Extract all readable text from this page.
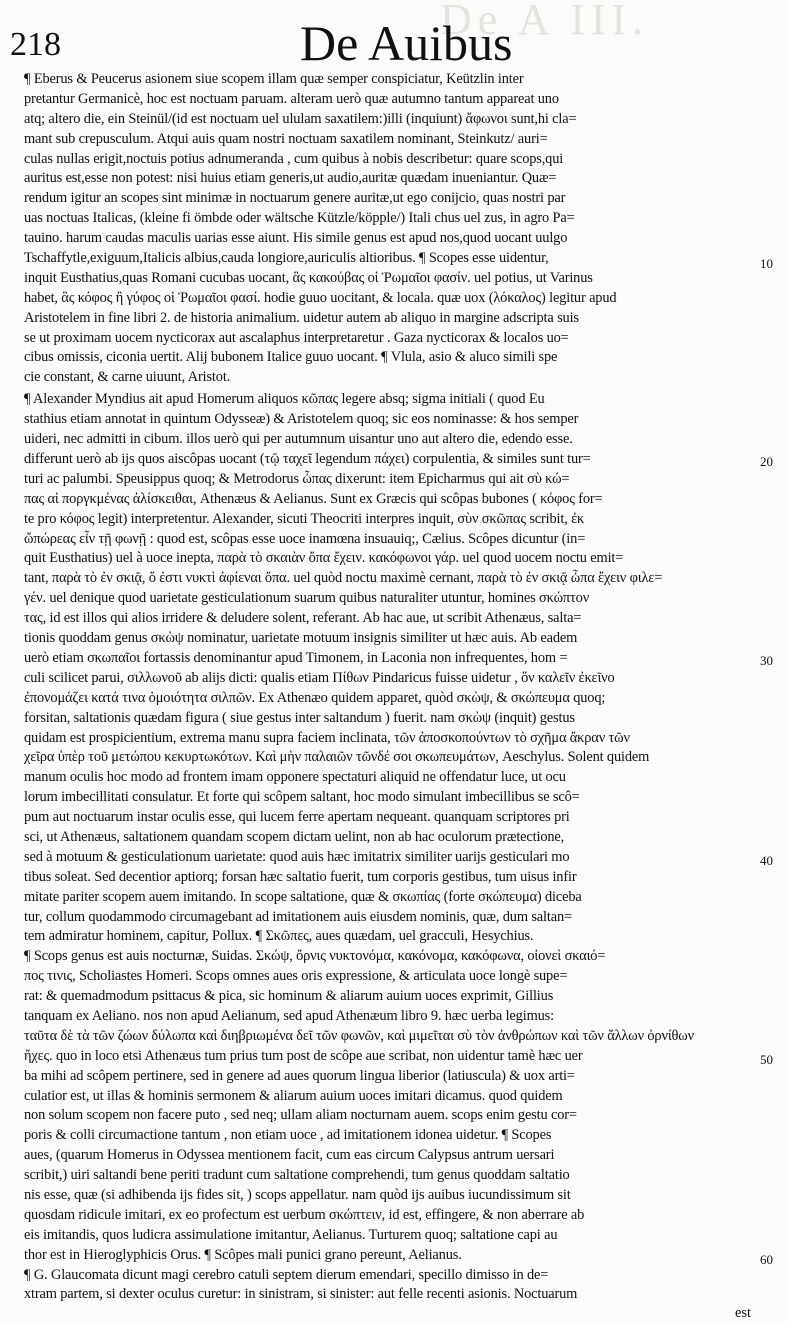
De A III.
218	De Auibus
¶ Eberus & Peucerus asionem siue scopem illam quæ semper conspiciatur, Keützlin inter
pretantur Germanicè, hoc est noctuam paruam. alteram uerò quæ autumno tantum appareat uno
atq; altero die, ein Steinül/(id est noctuam uel ululam saxatilem:)illi (inquiunt) ἄφωνοι sunt,hi cla=
mant sub crepusculum. Atqui auis quam nostri noctuam saxatilem nominant, Steinkutz/ auri=
culas nullas erigit,noctuis potius adnumeranda , cum quibus à nobis describetur: quare scops,qui
auritus est,esse non potest: nisi huius etiam generis,ut audio,auritæ quædam inueniantur. Quæ=
rendum igitur an scopes sint minimæ in noctuarum genere auritæ,ut ego conijcio, quas nostri par
uas noctuas Italicas, (kleine fi ömbde oder wältsche Kützle/köpple/) Itali chus uel zus, in agro Pa=
tauino. harum caudas maculis uarias esse aiunt. His simile genus est apud nos,quod uocant uulgo
Tschaffytle,exiguum,Italicis albius,cauda longiore,auriculis altioribus. ¶ Scopes esse uidentur,
inquit Eusthatius,quas Romani cucubas uocant, ἃς κακούβας οἱ Ῥωμαῖοι φασίν. uel potius, ut Varinus
habet, ἃς κόφος ἢ γύφος οἱ Ῥωμαῖοι φασί. hodie guuo uocitant, & locala. quæ uox (λόκαλος) legitur apud
Aristotelem in fine libri 2. de historia animalium. uidetur autem ab aliquo in margine adscripta suis
se ut proximam uocem nycticorax aut ascalaphus interpretaretur . Gaza nycticorax & localos uo=
cibus omissis, ciconia uertit. Alij bubonem Italice guuo uocant. ¶ Vlula, asio & aluco simili spe
cie constant, & carne uiuunt, Aristot.
¶ Alexander Myndius ait apud Homerum aliquos κῶπας legere absq; sigma initiali ( quod Eu
stathius etiam annotat in quintum Odysseæ) & Aristotelem quoq; sic eos nominasse: & hos semper
uideri, nec admitti in cibum. illos uerò qui per autumnum uisantur uno aut altero die, edendo esse.
differunt uerò ab ijs quos aiscôpas uocant (τῷ ταχεῖ legendum πάχει) corpulentia, & similes sunt tur=
turi ac palumbi. Speusippus quoq; & Metrodorus ὦπας dixerunt: item Epicharmus qui ait σὺ κώ=
πας αἰ ποργκμένας ἀλίσκειθαι, Athenæus & Aelianus. Sunt ex Græcis qui scôpas bubones ( κόφος for=
te pro κόφος legit) interpretentur. Alexander, sicuti Theocriti interpres inquit, σὺν σκῶπας scribit, ἐκ
ὤπώρεας εἶν τῇ φωνῇ : quod est, scôpas esse uoce inamœna insuauiq;, Cælius. Scôpes dicuntur (in=
quit Eusthatius) uel à uoce inepta, παρὰ τὸ σκαιὰν ὄπα ἔχειν. κακόφωνοι γάρ. uel quod uocem noctu emit=
tant, παρὰ τὸ ἐν σκιᾷ, ὅ ἐστι νυκτὶ ἀφίεναι ὄπα. uel quòd noctu maximè cernant, παρὰ τὸ ἐν σκιᾷ ὦπα ἔχειν φιλε=
γέν. uel denique quod uarietate gesticulationum suarum quibus naturaliter utuntur, homines σκώπτον
τας, id est illos qui alios irridere & deludere solent, referant. Ab hac aue, ut scribit Athenæus, salta=
tionis quoddam genus σκὼψ nominatur, uarietate motuum insignis similiter ut hæc auis. Ab eadem
uerò etiam σκωπαῖοι fortassis denominantur apud Timonem, in Laconia non infrequentes, hom =
culi scilicet parui, σιλλωνοῦ ab alijs dicti: qualis etiam Πίθων Pindaricus fuisse uidetur , ὅν καλεῖν ἐκεῖνο
ἐπονομάζει κατά τινα ὁμοιότητα σιλπῶν. Ex Athenæo quidem apparet, quòd σκὼψ, & σκώπευμα quoq;
forsitan, saltationis quædam figura ( siue gestus inter saltandum ) fuerit. nam σκὼψ (inquit) gestus
quidam est prospicientium, extrema manu supra faciem inclinata, τῶν ἀποσκοπούντων τὸ σχῆμα ἄκραν τῶν
χεῖρα ὑπὲρ τοῦ μετώπου κεκυρτωκότων. Καὶ μὴν παλαιῶν τῶνδέ σοι σκωπευμάτων, Aeschylus. Solent quidem
manum oculis hoc modo ad frontem imam opponere spectaturi aliquid ne offendatur luce, ut ocu
lorum imbecillitati consulatur. Et forte qui scôpem saltant, hoc modo simulant imbecillibus se scô=
pum aut noctuarum instar oculis esse, qui lucem ferre apertam nequeant. quanquam scriptores pri
sci, ut Athenæus, saltationem quandam scopem dictam uelint, non ab hac oculorum prætectione,
sed à motuum & gesticulationum uarietate: quod auis hæc imitatrix similiter uarijs gesticulari mo
tibus soleat. Sed decentior aptiorq; forsan hæc saltatio fuerit, tum corporis gestibus, tum uisus infir
mitate pariter scopem auem imitando. In scope saltatione, quæ & σκωπίας (forte σκώπευμα) diceba
tur, collum quodammodo circumagebant ad imitationem auis eiusdem nominis, quæ, dum saltan=
tem admiratur hominem, capitur, Pollux. ¶ Σκῶπες, aues quædam, uel gracculi, Hesychius.
¶ Scops genus est auis nocturnæ, Suidas. Σκώψ, ὄρνις νυκτονόμα, κακόνομα, κακόφωνα, οἰονεὶ σκαιό=
πος τινις, Scholiastes Homeri. Scops omnes aues oris expressione, & articulata uoce longè supe=
rat: & quemadmodum psittacus & pica, sic hominum & aliarum auium uoces exprimit, Gillius
tanquam ex Aeliano. nos non apud Aelianum, sed apud Athenæum libro 9. hæc uerba legimus:
ταῦτα δὲ τὰ τῶν ζώων δύλωπα καὶ διηβριωμένα δεῖ τῶν φωνῶν, καὶ μιμεῖται σὺ τὸν ἀνθρώπων καὶ τῶν ἄλλων ὀρνίθων
ἤχες. quo in loco etsi Athenæus tum prius tum post de scôpe aue scribat, non uidentur tamè hæc uer
ba mihi ad scôpem pertinere, sed in genere ad aues quorum lingua liberior (latiuscula) & uox arti=
culatior est, ut illas & hominis sermonem & aliarum auium uoces imitari dicamus. quod quidem
non solum scopem non facere puto , sed neq; ullam aliam nocturnam auem. scops enim gestu cor=
poris & colli circumactione tantum , non etiam uoce , ad imitationem idonea uidetur. ¶ Scopes
aues, (quarum Homerus in Odyssea mentionem facit, cum eas circum Calypsus antrum uersari
scribit,) uiri saltandi bene periti tradunt cum saltatione comprehendi, tum genus quoddam saltatio
nis esse, quæ (si adhibenda ijs fides sit, ) scops appellatur. nam quòd ijs auibus iucundissimum sit
quosdam ridicule imitari, ex eo profectum est uerbum σκώπτειν, id est, effingere, & non aberrare ab
eis imitandis, quos ludicra assimulatione imitantur, Aelianus. Turturem quoq; saltatione capi au
thor est in Hieroglyphicis Orus. ¶ Scôpes mali punici grano pereunt, Aelianus.
¶ G. Glaucomata dicunt magi cerebro catuli septem dierum emendari, specillo dimisso in de=
xtram partem, si dexter oculus curetur: in sinistram, si sinister: aut felle recenti asionis. Noctuarum
10
20
30
40
50
60
est
